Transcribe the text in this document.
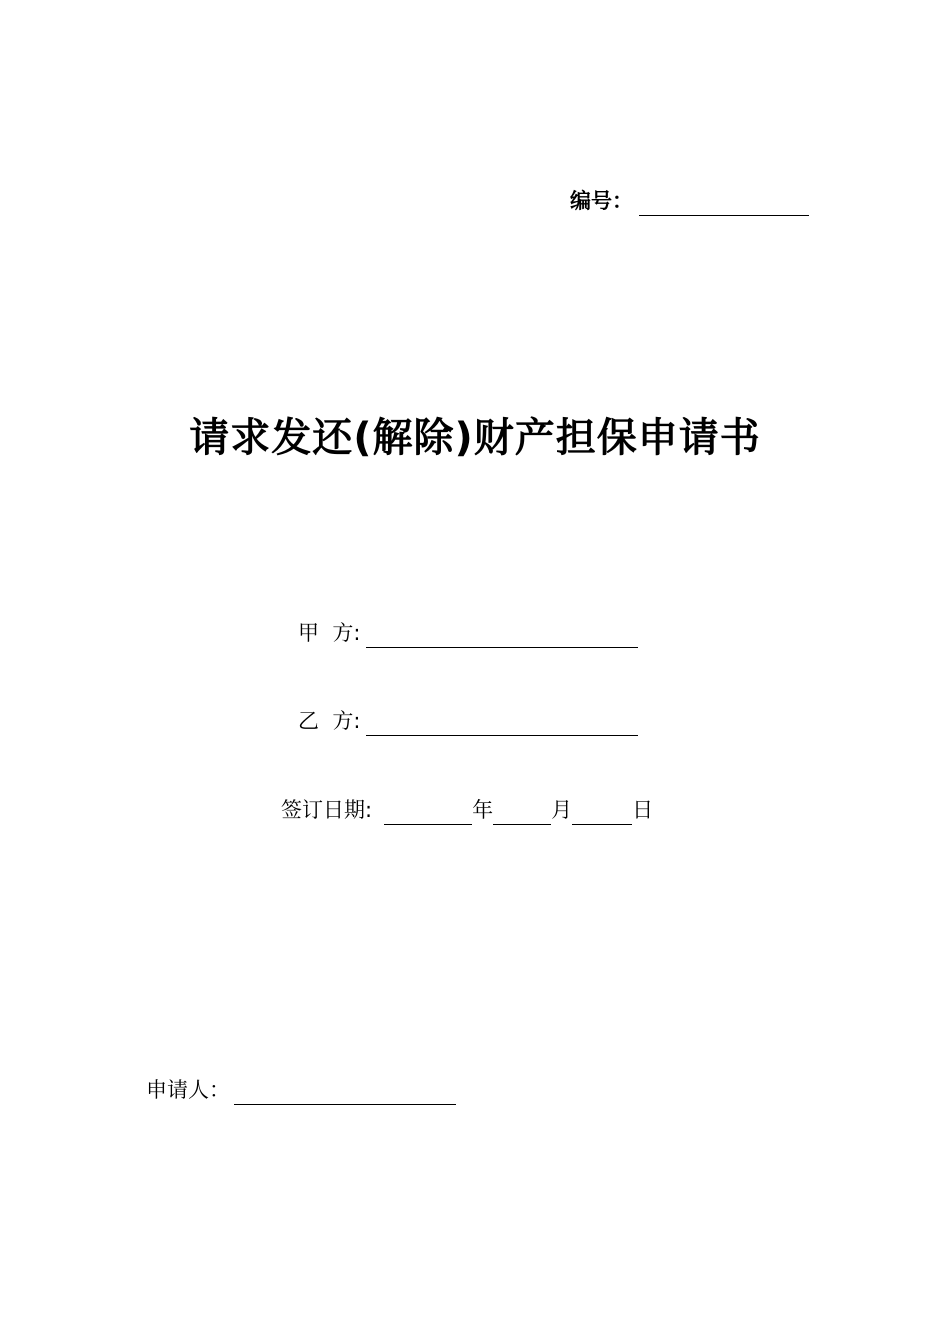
编号：
请求发还(解除)财产担保申请书
甲  方:
乙  方:
签订日期:	年	月	日
申请人：
